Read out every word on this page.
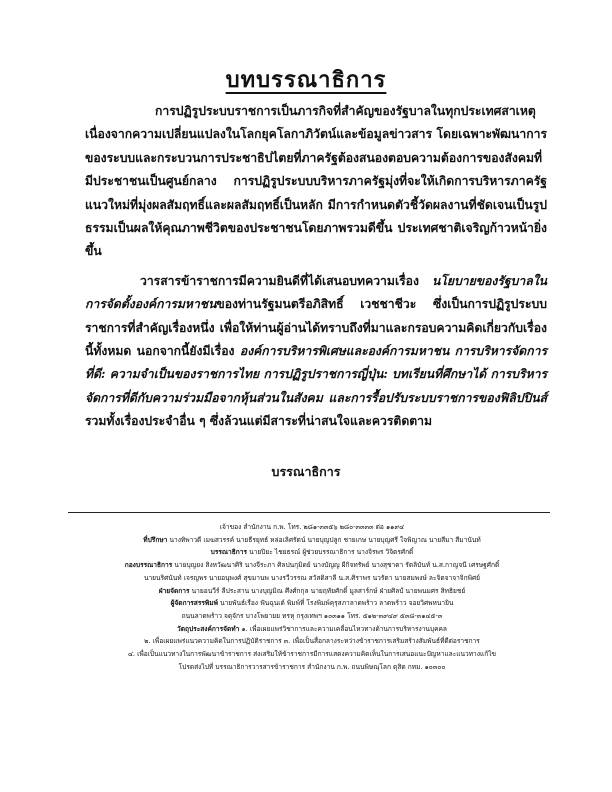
บทบรรณาธิการ

การปฏิรูประบบราชการเป็นภารกิจที่สำคัญของรัฐบาลในทุกประเทศสาเหตุเนื่องจากความเปลี่ยนแปลงในโลกยุคโลกาภิวัตน์และข้อมูลข่าวสาร โดยเฉพาะพัฒนาการของระบบและกระบวนการประชาธิปไตยที่ภาครัฐต้องสนองตอบความต้องการของสังคมที่มีประชาชนเป็นศูนย์กลาง การปฏิรูประบบบริหารภาครัฐมุ่งที่จะให้เกิดการบริหารภาครัฐแนวใหม่ที่มุ่งผลสัมฤทธิ์และผลสัมฤทธิ์เป็นหลัก มีการกำหนดตัวชี้วัดผลงานที่ชัดเจนเป็นรูปธรรมเป็นผลให้คุณภาพชีวิตของประชาชนโดยภาพรวมดีขึ้น ประเทศชาติเจริญก้าวหน้ายิ่งขึ้น

วารสารข้าราชการมีความยินดีที่ได้เสนอบทความเรื่อง นโยบายของรัฐบาลในการจัดตั้งองค์การมหาชนของท่านรัฐมนตรีอภิสิทธิ์ เวชชาชีวะ ซึ่งเป็นการปฏิรูประบบราชการที่สำคัญเรื่องหนึ่ง เพื่อให้ท่านผู้อ่านได้ทราบถึงที่มาและกรอบความคิดเกี่ยวกับเรื่องนี้ทั้งหมด นอกจากนี้ยังมีเรื่อง องค์การบริหารพิเศษและองค์การมหาชน การบริหารจัดการที่ดี: ความจำเป็นของราชการไทย การปฏิรูปราชการญี่ปุ่น: บทเรียนที่ศึกษาได้ การบริหารจัดการที่ดีกับความร่วมมือจากหุ้นส่วนในสังคม และการรื้อปรับระบบราชการของฟิลิปปินส์ รวมทั้งเรื่องประจำอื่น ๆ ซึ่งล้วนแต่มีสาระที่น่าสนใจและควรติดตาม

บรรณาธิการ
เจ้าของ สำนักงาน ก.พ. โทร. ๒๘๑-๓๓๕๖ ๒๘๐-๓๓๓๓ ต่อ ๑๑๙๔
ที่ปรึกษา นางทิพาวดี เมฆสวรรค์ นายธีรยุทธ์ หล่อเลิศรัตน์ นายบุญปลูก ชายเกษ นายบุญศรี ใจพิญาณ นายสีมา สีมานันท์
บรรณาธิการ นายปิยะ ไชยธรณ์ ผู้ช่วยบรรณาธิการ นางจิรพร วิจิตรศักดิ์
กองบรรณาธิการ นายบุญยง สิงหวัฒนาศิริ นางจีระภา ศิลปนกุมิดย์ นางบัญญ ผีกิจทรัพย์ นางสุชาดา รัตลิบันท์ น.ส.กาญจนี เศรษฐศักดิ์
นายนริศนันท์ เจรญพร นายอนุพงศ์ สุขมานพ นางรวีวรรณ สวัสดิสาลี น.ส.ศิราพร นวรัตา นายสมพงษ์ ละจิตจาจาจิกพิศย์
ฝ่ายจัดการ นายอนวีร์ ลีประสาน นางบุญมิณ ศึงศ์กกุล นายฤทัยศักดิ์ มูลสาร์กษ์ ฝ่ายศิลป์ นายพนมศร สิทธิยชย์
ผู้จัดการสรรพิมพ์ นายพันธ์เรือง ฟันฉุนเต์ พิมพ์ที่ โรงพิมพ์คุรุสภาลาดพร้าว ลาดพร้าว จอยวิศพหนายิน
ถนนลาดพร้าว จตุจักร บางโพยายย ทรหุ กรุงเทพฯ ๑๐๓๑๑ โทร. ๕๑๒-๓๙๔๙ ๕๓๘-๓๑๔๕-๓
วัตถุประสงค์การจัดทำ ๑. เพื่อเผยแพร่วิชาการและความเคลื่อนไหวทางด้านการบริหารงานบุคคล
๒. เพื่อเผยแพร่แนวความคิดในการปฏิบัติราชการ ๓. เพื่อเป็นสื่อกลางระหว่างข้าราชการเสริมสร้างสัมพันธ์ที่ดีต่อราชการ
๔. เพื่อเป็นแนวทางในการพัฒนาข้าราชการ ส่งเสริมให้ข้าราชการมีการแสดงความคิดเห็นในการเสนอแนะปัญหาและแนวทางแก้ไข
โปรดส่งไปที่ บรรณาธิการวารสารข้าราชการ สำนักงาน ก.พ. ถนนพิษณุโลก ดุสิต กทม. ๑๐๓๐๐
